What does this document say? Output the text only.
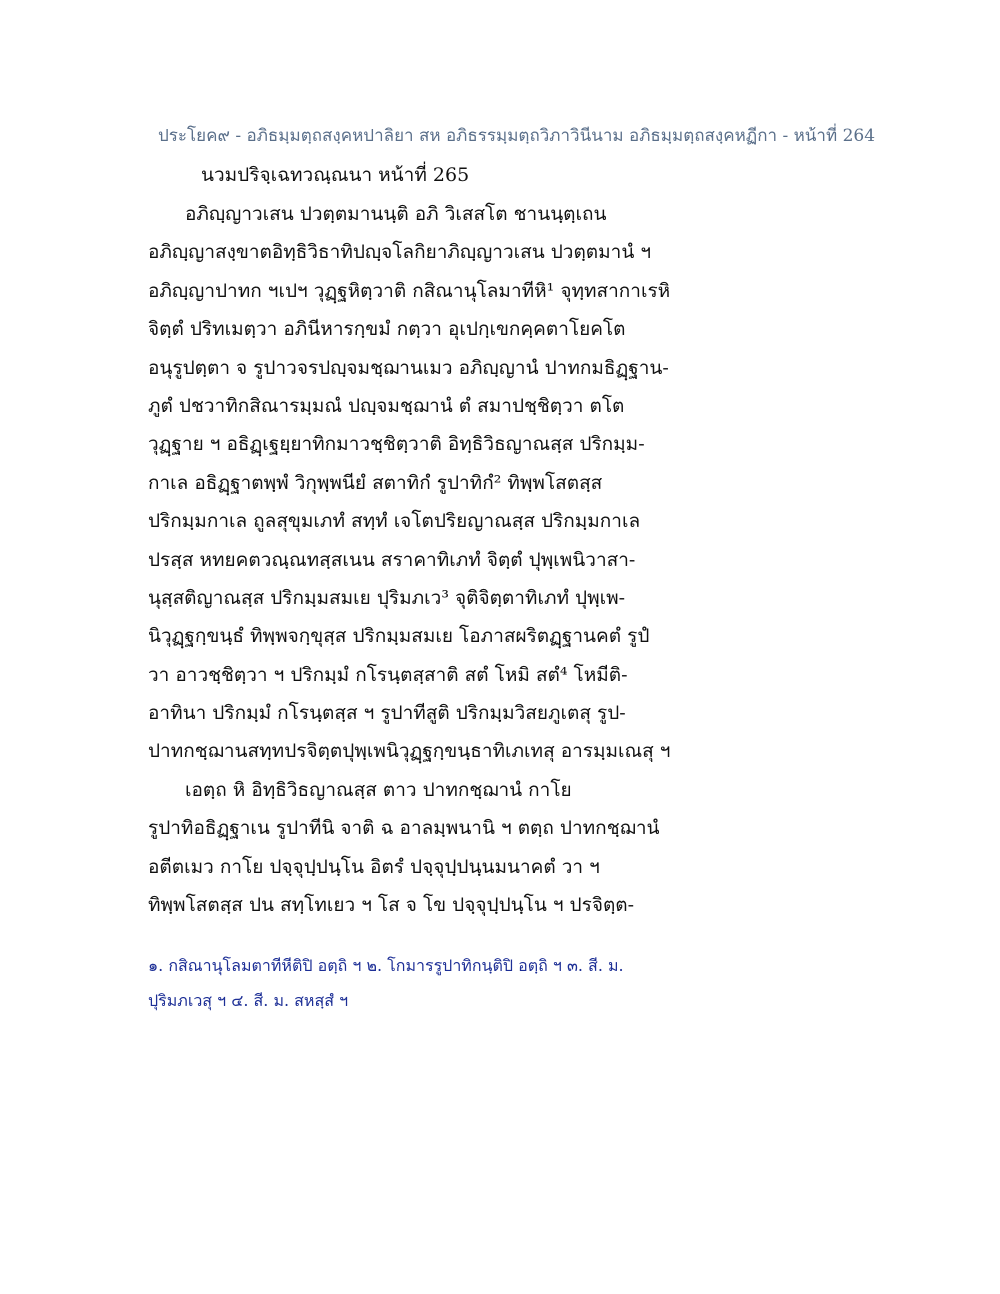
ประโยค๙ - อภิธมฺมตฺถสงฺคหปาลิยา สห อภิธรรมฺมตฺถวิภาวินีนาม อภิธมฺมตฺถสงฺคหฏีกา - หน้าที่ 264
นวมปริจฺเฉทวณฺณนา หน้าที่ 265
อภิญฺญาวเสน ปวตฺตมานนฺติ อภิ วิเสสโต ชานนฺตฺเถน
อภิญฺญาสงฺขาตอิทฺธิวิธาทิปญฺจโลกิยาภิญฺญาวเสน ปวตฺตมานํ ฯ
อภิญฺญาปาทก ฯเปฯ วุฏฺฐหิตฺวาติ กสิณานุโลมาทีหิ¹ จุทฺทสากาเรหิ
จิตฺตํ ปริทเมตฺวา อภินีหารกฺขมํ กตฺวา อุเปกฺเขกคฺคตาโยคโต
อนุรูปตฺตา จ รูปาวจรปญฺจมชฺฌานเมว อภิญฺญานํ ปาทกมธิฏฺฐาน-
ภูตํ ปชวาทิกสิณารมฺมณํ ปญฺจมชฺฌานํ ตํ สมาปชฺชิตฺวา ตโต
วุฏฺฐาย ฯ อธิฏฺเฐยฺยาทิกมาวชฺชิตฺวาติ อิทฺธิวิธญาณสฺส ปริกมฺม-
กาเล อธิฏฺฐาตพฺพํ วิกุพฺพนียํ สตาทิกํ รูปาทิกํ² ทิพฺพโสตสฺส
ปริกมฺมกาเล ถูลสุขุมเภทํ สทฺทํ เจโตปริยญาณสฺส ปริกมฺมกาเล
ปรสฺส หทยคตวณฺณทสฺสเนน สราคาทิเภทํ จิตฺตํ ปุพฺเพนิวาสา-
นุสฺสติญาณสฺส ปริกมฺมสมเย ปุริมภเว³ จุติจิตฺตาทิเภทํ ปุพฺเพ-
นิวุฏฺฐกฺขนฺธํ ทิพฺพจกฺขุสฺส ปริกมฺมสมเย โอภาสผริตฏฺฐานคตํ รูปํ
วา อาวชฺชิตฺวา ฯ ปริกมฺมํ กโรนฺตสฺสาติ สตํ โหมิ สตํ⁴ โหมีติ-
อาทินา ปริกมฺมํ กโรนฺตสฺส ฯ รูปาทีสูติ ปริกมฺมวิสยภูเตสุ รูป-
ปาทกชฺฌานสทฺทปรจิตฺตปุพฺเพนิวุฏฺฐกฺขนฺธาทิเภเทสุ อารมฺมเณสุ ฯ
เอตฺถ หิ อิทฺธิวิธญาณสฺส ตาว ปาทกชฺฌานํ กาโย
รูปาทิอธิฏฺฐาเน รูปาทีนิ จาติ ฉ อาลมฺพนานิ ฯ ตตฺถ ปาทกชฺฌานํ
อตีตเมว กาโย ปจฺจุปฺปนฺโน อิตรํ ปจฺจุปฺปนฺนมนาคตํ วา ฯ
ทิพฺพโสตสฺส ปน สทฺโทเยว ฯ โส จ โข ปจฺจุปฺปนฺโน ฯ ปรจิตฺต-
๑. กสิณานุโลมตาทีหีติปิ อตฺถิ ฯ ๒. โกมารรูปาทิกนฺติปิ อตฺถิ ฯ ๓. สี. ม.
ปุริมภเวสุ ฯ ๔. สี. ม. สหสฺสํ ฯ
